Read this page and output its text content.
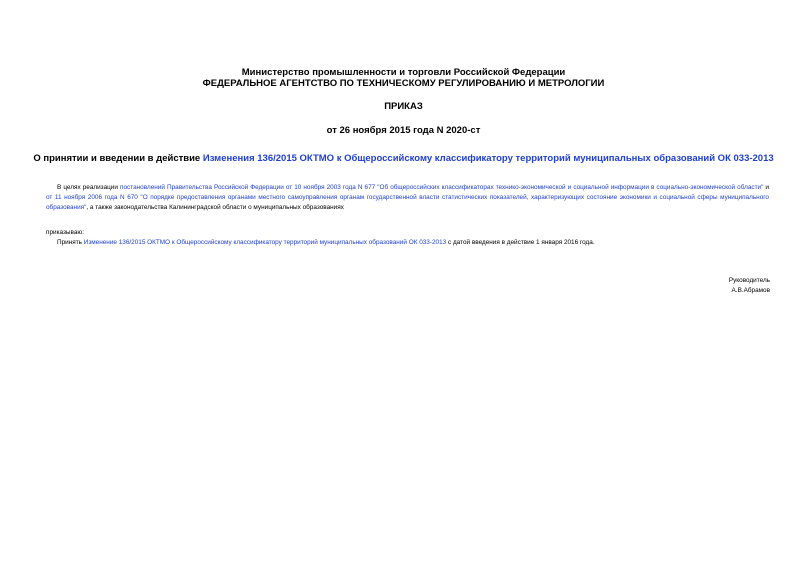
Министерство промышленности и торговли Российской Федерации
ФЕДЕРАЛЬНОЕ АГЕНТСТВО ПО ТЕХНИЧЕСКОМУ РЕГУЛИРОВАНИЮ И МЕТРОЛОГИИ
ПРИКАЗ
от 26 ноября 2015 года N 2020-ст
О принятии и введении в действие Изменения 136/2015 ОКТМО к Общероссийскому классификатору территорий муниципальных образований ОК 033-2013
В целях реализации постановлений Правительства Российской Федерации от 10 ноября 2003 года N 677 "Об общероссийских классификаторах технико-экономической и социальной информации в социально-экономической области" и от 11 ноября 2006 года N 670 "О порядке предоставления органами местного самоуправления органам государственной власти статистических показателей, характеризующих состояние экономики и социальной сферы муниципального образования", а также законодательства Калининградской области о муниципальных образованиях
приказываю:
Принять Изменение 136/2015 ОКТМО к Общероссийскому классификатору территорий муниципальных образований ОК 033-2013 с датой введения в действие 1 января 2016 года.
Руководитель
А.В.Абрамов
